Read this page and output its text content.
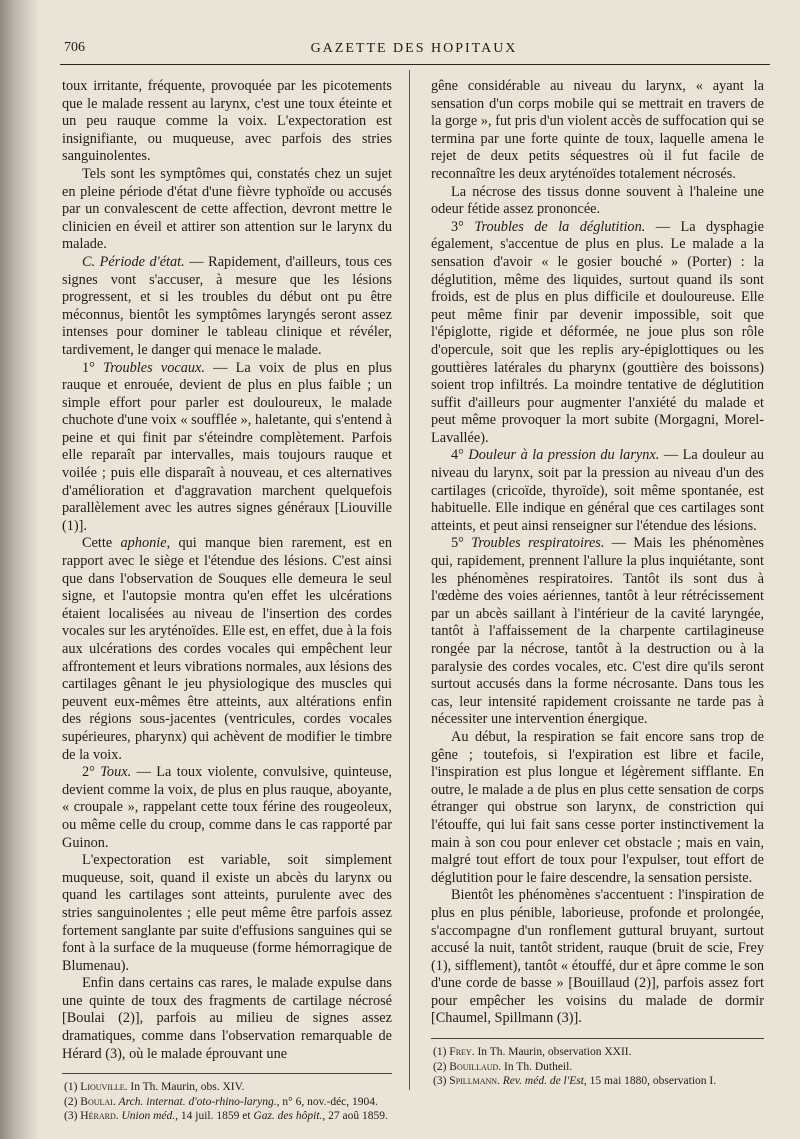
706	GAZETTE DES HOPITAUX

toux irritante, fréquente, provoquée par les picotements que le malade ressent au larynx, c'est une toux éteinte et un peu rauque comme la voix. L'expectoration est insignifiante, ou muqueuse, avec parfois des stries sanguinolentes.

Tels sont les symptômes qui, constatés chez un sujet en pleine période d'état d'une fièvre typhoïde ou accusés par un convalescent de cette affection, devront mettre le clinicien en éveil et attirer son attention sur le larynx du malade.

C. Période d'état. — Rapidement, d'ailleurs, tous ces signes vont s'accuser, à mesure que les lésions progressent, et si les troubles du début ont pu être méconnus, bientôt les symptômes laryngés seront assez intenses pour dominer le tableau clinique et révéler, tardivement, le danger qui menace le malade.

1° Troubles vocaux. — La voix de plus en plus rauque et enrouée, devient de plus en plus faible ; un simple effort pour parler est douloureux, le malade chuchote d'une voix « soufflée », haletante, qui s'entend à peine et qui finit par s'éteindre complètement. Parfois elle reparaît par intervalles, mais toujours rauque et voilée ; puis elle disparaît à nouveau, et ces alternatives d'amélioration et d'aggravation marchent quelquefois parallèlement avec les autres signes généraux [Liouville (1)].

Cette aphonie, qui manque bien rarement, est en rapport avec le siège et l'étendue des lésions. C'est ainsi que dans l'observation de Souques elle demeura le seul signe, et l'autopsie montra qu'en effet les ulcérations étaient localisées au niveau de l'insertion des cordes vocales sur les aryténoïdes. Elle est, en effet, due à la fois aux ulcérations des cordes vocales qui empêchent leur affrontement et leurs vibrations normales, aux lésions des cartilages gênant le jeu physiologique des muscles qui peuvent eux-mêmes être atteints, aux altérations enfin des régions sous-jacentes (ventricules, cordes vocales supérieures, pharynx) qui achèvent de modifier le timbre de la voix.

2° Toux. — La toux violente, convulsive, quinteuse, devient comme la voix, de plus en plus rauque, aboyante, « croupale », rappelant cette toux férine des rougeoleux, ou même celle du croup, comme dans le cas rapporté par Guinon.

L'expectoration est variable, soit simplement muqueuse, soit, quand il existe un abcès du larynx ou quand les cartilages sont atteints, purulente avec des stries sanguinolentes ; elle peut même être parfois assez fortement sanglante par suite d'effusions sanguines qui se font à la surface de la muqueuse (forme hémorragique de Blumenau).

Enfin dans certains cas rares, le malade expulse dans une quinte de toux des fragments de cartilage nécrosé [Boulai (2)], parfois au milieu de signes assez dramatiques, comme dans l'observation remarquable de Hérard (3), où le malade éprouvant une

(1) Liouville. In Th. Maurin, obs. XIV.

(2) Boulai. Arch. internat. d'oto-rhino-laryng., n° 6, nov.-déc, 1904.

(3) Hérard. Union méd., 14 juil. 1859 et Gaz. des hôpit., 27 aoû 1859.

gêne considérable au niveau du larynx, « ayant la sensation d'un corps mobile qui se mettrait en travers de la gorge », fut pris d'un violent accès de suffocation qui se termina par une forte quinte de toux, laquelle amena le rejet de deux petits séquestres où il fut facile de reconnaître les deux aryténoïdes totalement nécrosés.

La nécrose des tissus donne souvent à l'haleine une odeur fétide assez prononcée.

3° Troubles de la déglutition. — La dysphagie également, s'accentue de plus en plus. Le malade a la sensation d'avoir « le gosier bouché » (Porter) : la déglutition, même des liquides, surtout quand ils sont froids, est de plus en plus difficile et douloureuse. Elle peut même finir par devenir impossible, soit que l'épiglotte, rigide et déformée, ne joue plus son rôle d'opercule, soit que les replis ary-épiglottiques ou les gouttières latérales du pharynx (gouttière des boissons) soient trop infiltrés. La moindre tentative de déglutition suffit d'ailleurs pour augmenter l'anxiété du malade et peut même provoquer la mort subite (Morgagni, Morel-Lavallée).

4° Douleur à la pression du larynx. — La douleur au niveau du larynx, soit par la pression au niveau d'un des cartilages (cricoïde, thyroïde), soit même spontanée, est habituelle. Elle indique en général que ces cartilages sont atteints, et peut ainsi renseigner sur l'étendue des lésions.

5° Troubles respiratoires. — Mais les phénomènes qui, rapidement, prennent l'allure la plus inquiétante, sont les phénomènes respiratoires. Tantôt ils sont dus à l'œdème des voies aériennes, tantôt à leur rétrécissement par un abcès saillant à l'intérieur de la cavité laryngée, tantôt à l'affaissement de la charpente cartilagineuse rongée par la nécrose, tantôt à la destruction ou à la paralysie des cordes vocales, etc. C'est dire qu'ils seront surtout accusés dans la forme nécrosante. Dans tous les cas, leur intensité rapidement croissante ne tarde pas à nécessiter une intervention énergique.

Au début, la respiration se fait encore sans trop de gêne ; toutefois, si l'expiration est libre et facile, l'inspiration est plus longue et légèrement sifflante. En outre, le malade a de plus en plus cette sensation de corps étranger qui obstrue son larynx, de constriction qui l'étouffe, qui lui fait sans cesse porter instinctivement la main à son cou pour enlever cet obstacle ; mais en vain, malgré tout effort de toux pour l'expulser, tout effort de déglutition pour le faire descendre, la sensation persiste.

Bientôt les phénomènes s'accentuent : l'inspiration de plus en plus pénible, laborieuse, profonde et prolongée, s'accompagne d'un ronflement guttural bruyant, surtout accusé la nuit, tantôt strident, rauque (bruit de scie, Frey (1), sifflement), tantôt « étouffé, dur et âpre comme le son d'une corde de basse » [Bouillaud (2)], parfois assez fort pour empêcher les voisins du malade de dormir [Chaumel, Spillmann (3)].

(1) Frey. In Th. Maurin, observation XXII.

(2) Bouillaud. In Th. Dutheil.

(3) Spillmann. Rev. méd. de l'Est, 15 mai 1880, observation I.
